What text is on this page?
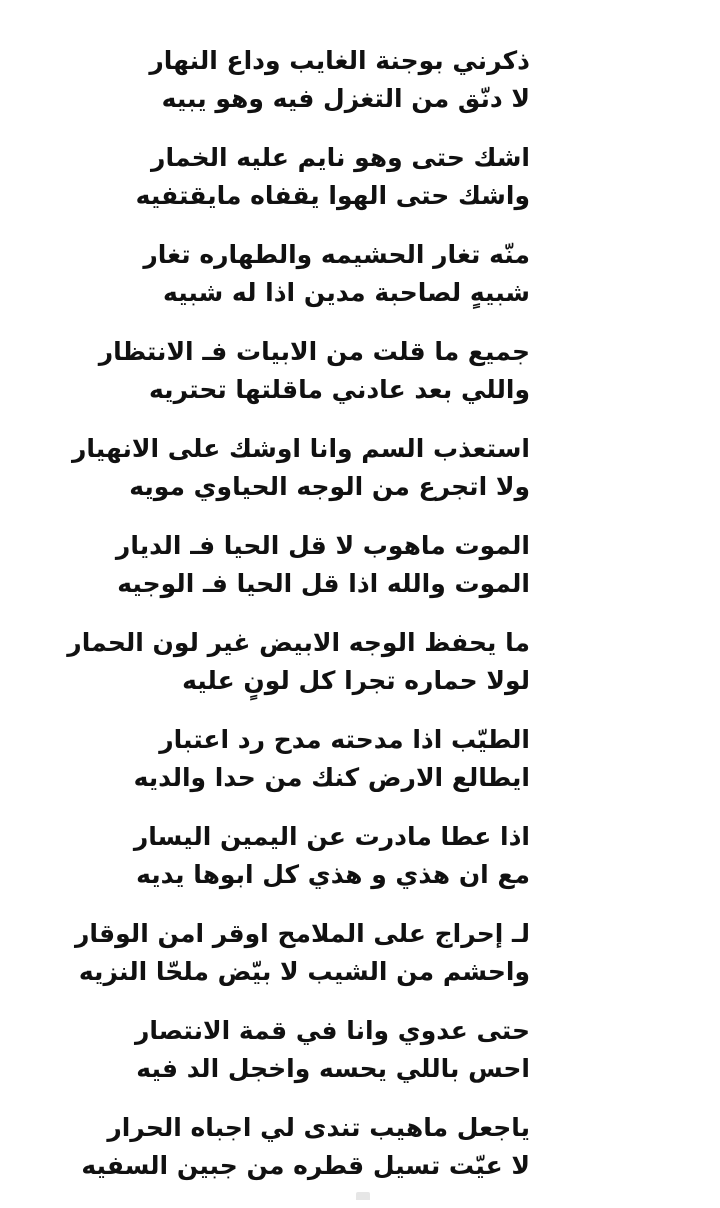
ذكرني بوجنة الغايب وداع النهار
لا دنّق من التغزل فيه وهو يبيه
اشك حتى وهو نايم عليه الخمار
واشك حتى الهوا يقفاه مايقتفيه
منّه تغار الحشيمه والطهاره تغار
شبيهٍ لصاحبة مدين اذا له شبيه
جميع ما قلت من الابيات فـ الانتظار
واللي بعد عادني ماقلتها تحتريه
استعذب السم وانا اوشك على الانهيار
ولا اتجرع من الوجه الحياوي مويه
الموت ماهوب لا قل الحيا فـ الديار
الموت والله اذا قل الحيا فـ الوجيه
ما يحفظ الوجه الابيض غير لون الحمار
لولا حماره تجرا كل لونٍ عليه
الطيّب اذا مدحته مدح رد اعتبار
ايطالع الارض كنك من حدا والديه
اذا عطا مادرت عن اليمين اليسار
مع ان هذي و هذي كل ابوها يديه
لـ إحراج على الملامح اوقر امن الوقار
واحشم من الشيب لا بيّض ملحّا النزيه
حتى عدوي وانا في قمة الانتصار
احس باللي يحسه واخجل الد فيه
ياجعل ماهيب تندى لي اجباه الحرار
لا عيّت تسيل قطره من جبين السفيه
